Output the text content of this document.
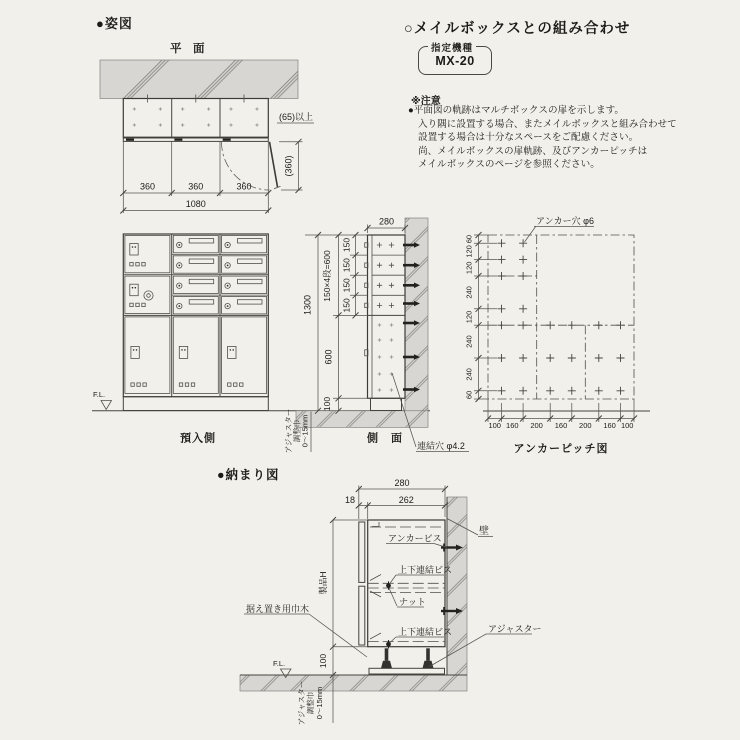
360	360	360
1080
(65)以上
(360)
F.L.
預入側
280
1300
150×4段=600
600
100
150
150
150
150
アジャスター 調整巾 0〜15mm	連結穴 φ4.2
側　面
60
120
120
240
120
240
240
60
100 160 200 160 200 160 100
アンカー穴 φ6
アンカーピッチ図
280
18	262
製品H
100
F.L.
アジャスター 調整巾 0〜15mm
壁
アンカービス
上下連結ビス
ナット
上下連結ビス	アジャスター
据え置き用巾木
●姿図
平　面
○メイルボックスとの組み合わせ
指定機種
MX-20
※注意
●平面図の軌跡はマルチボックスの扉を示します。
入り隅に設置する場合、またメイルボックスと組み合わせて
設置する場合は十分なスペースをご配慮ください。
尚、メイルボックスの扉軌跡、及びアンカーピッチは
メイルボックスのページを参照ください。
●納まり図
